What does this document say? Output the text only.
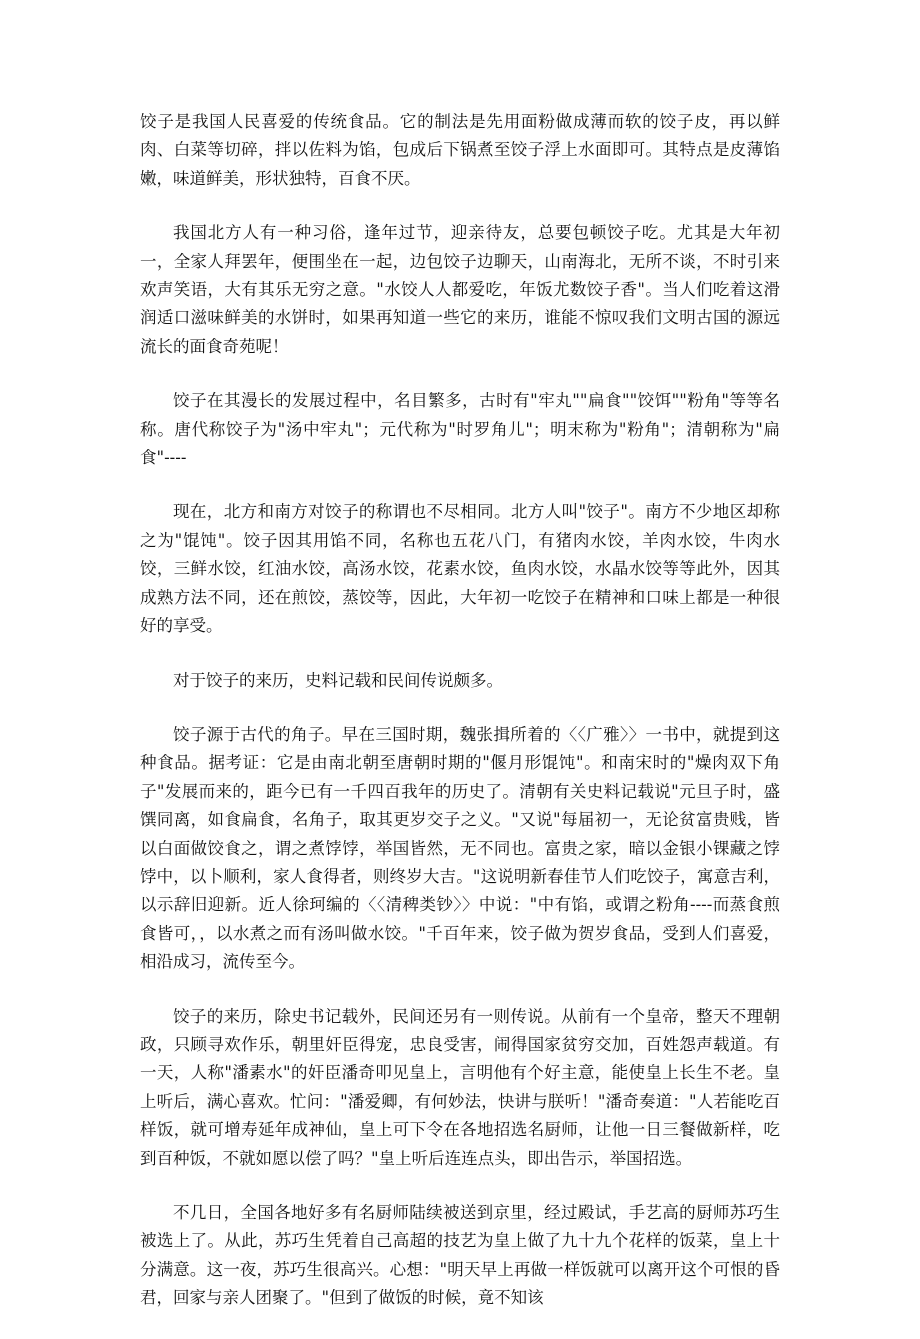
饺子是我国人民喜爱的传统食品。它的制法是先用面粉做成薄而软的饺子皮，再以鲜肉、白菜等切碎，拌以佐料为馅，包成后下锅煮至饺子浮上水面即可。其特点是皮薄馅嫩，味道鲜美，形状独特，百食不厌。

我国北方人有一种习俗，逢年过节，迎亲待友，总要包顿饺子吃。尤其是大年初一，全家人拜罢年，便围坐在一起，边包饺子边聊天，山南海北，无所不谈，不时引来欢声笑语，大有其乐无穷之意。"水饺人人都爱吃，年饭尤数饺子香"。当人们吃着这滑润适口滋味鲜美的水饼时，如果再知道一些它的来历，谁能不惊叹我们文明古国的源远流长的面食奇苑呢！

饺子在其漫长的发展过程中，名目繁多，古时有"牢丸""扁食""饺饵""粉角"等等名称。唐代称饺子为"汤中牢丸"；元代称为"时罗角儿"；明末称为"粉角"；清朝称为"扁食"----

现在，北方和南方对饺子的称谓也不尽相同。北方人叫"饺子"。南方不少地区却称之为"馄饨"。饺子因其用馅不同，名称也五花八门，有猪肉水饺，羊肉水饺，牛肉水饺，三鲜水饺，红油水饺，高汤水饺，花素水饺，鱼肉水饺，水晶水饺等等此外，因其成熟方法不同，还在煎饺，蒸饺等，因此，大年初一吃饺子在精神和口味上都是一种很好的享受。

对于饺子的来历，史料记载和民间传说颇多。

饺子源于古代的角子。早在三国时期，魏张揖所着的〈〈广雅〉〉一书中，就提到这种食品。据考证：它是由南北朝至唐朝时期的"偃月形馄饨"。和南宋时的"燥肉双下角子"发展而来的，距今已有一千四百我年的历史了。清朝有关史料记载说"元旦子时，盛馔同离，如食扁食，名角子，取其更岁交子之义。"又说"每届初一，无论贫富贵贱，皆以白面做饺食之，谓之煮饽饽，举国皆然，无不同也。富贵之家，暗以金银小锞藏之饽饽中，以卜顺利，家人食得者，则终岁大吉。"这说明新春佳节人们吃饺子，寓意吉利，以示辞旧迎新。近人徐珂编的〈〈清稗类钞〉〉中说："中有馅，或谓之粉角----而蒸食煎食皆可，，以水煮之而有汤叫做水饺。"千百年来，饺子做为贺岁食品，受到人们喜爱，相沿成习，流传至今。

饺子的来历，除史书记载外，民间还另有一则传说。从前有一个皇帝，整天不理朝政，只顾寻欢作乐，朝里奸臣得宠，忠良受害，闹得国家贫穷交加，百姓怨声载道。有一天，人称"潘素水"的奸臣潘奇叩见皇上，言明他有个好主意，能使皇上长生不老。皇上听后，满心喜欢。忙问："潘爱卿，有何妙法，快讲与朕听！"潘奇奏道："人若能吃百样饭，就可增寿延年成神仙，皇上可下令在各地招选名厨师，让他一日三餐做新样，吃到百种饭，不就如愿以偿了吗？"皇上听后连连点头，即出告示，举国招选。

不几日，全国各地好多有名厨师陆续被送到京里，经过殿试，手艺高的厨师苏巧生被选上了。从此，苏巧生凭着自己高超的技艺为皇上做了九十九个花样的饭菜，皇上十分满意。这一夜，苏巧生很高兴。心想："明天早上再做一样饭就可以离开这个可恨的昏君，回家与亲人团聚了。"但到了做饭的时候，竟不知该
